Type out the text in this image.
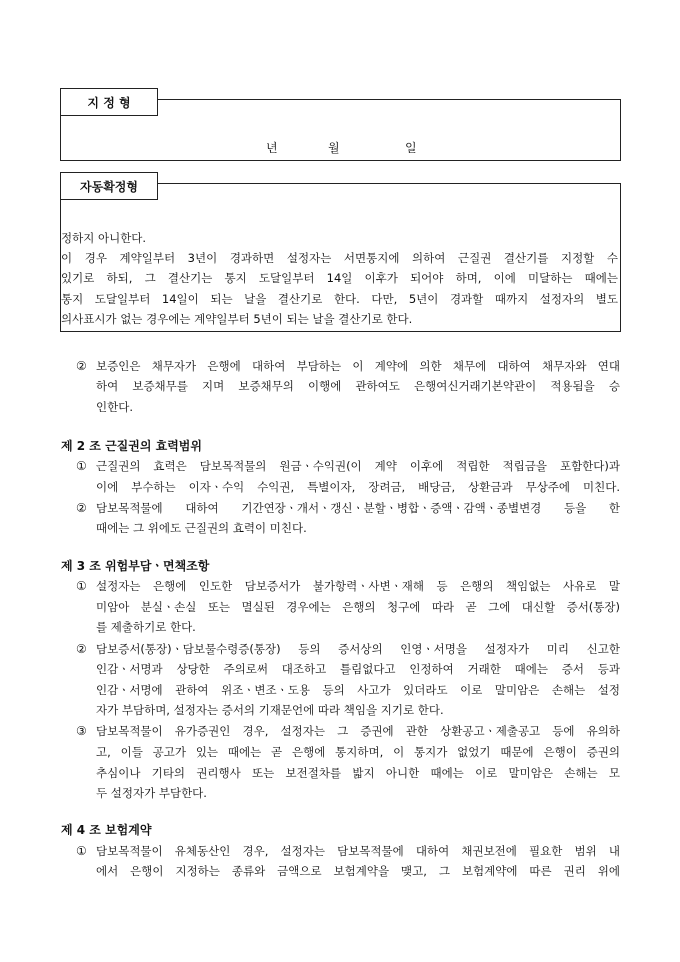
지 정 형
년	월	일
자동확정형
정하지 아니한다.
이 경우 계약일부터 3년이 경과하면 설정자는 서면통지에 의하여 근질권 결산기를 지정할 수
있기로 하되, 그 결산기는 통지 도달일부터 14일 이후가 되어야 하며, 이에 미달하는 때에는
통지 도달일부터 14일이 되는 날을 결산기로 한다. 다만, 5년이 경과할 때까지 설정자의 별도
의사표시가 없는 경우에는 계약일부터 5년이 되는 날을 결산기로 한다.
② 보증인은 채무자가 은행에 대하여 부담하는 이 계약에 의한 채무에 대하여 채무자와 연대
하여 보증채무를 지며 보증채무의 이행에 관하여도 은행여신거래기본약관이 적용됨을 승
인한다.
제 2 조 근질권의 효력범위
① 근질권의 효력은 담보목적물의 원금ㆍ수익권(이 계약 이후에 적립한 적립금을 포함한다)과
이에 부수하는 이자ㆍ수익 수익권, 특별이자, 장려금, 배당금, 상환금과 무상주에 미친다.
② 담보목적물에 대하여 기간연장ㆍ개서ㆍ갱신ㆍ분할ㆍ병합ㆍ증액ㆍ감액ㆍ종별변경 등을 한
때에는 그 위에도 근질권의 효력이 미친다.
제 3 조 위험부담ㆍ면책조항
① 설정자는 은행에 인도한 담보증서가 불가항력ㆍ사변ㆍ재해 등 은행의 책임없는 사유로 말
미암아 분실ㆍ손실 또는 멸실된 경우에는 은행의 청구에 따라 곧 그에 대신할 증서(통장)
를 제출하기로 한다.
② 담보증서(통장)ㆍ담보물수령증(통장) 등의 증서상의 인영ㆍ서명을 설정자가 미리 신고한
인감ㆍ서명과 상당한 주의로써 대조하고 틀림없다고 인정하여 거래한 때에는 증서 등과
인감ㆍ서명에 관하여 위조ㆍ변조ㆍ도용 등의 사고가 있더라도 이로 말미암은 손해는 설정
자가 부담하며, 설정자는 증서의 기재문언에 따라 책임을 지기로 한다.
③ 담보목적물이 유가증권인 경우, 설정자는 그 증권에 관한 상환공고ㆍ제출공고 등에 유의하
고, 이들 공고가 있는 때에는 곧 은행에 통지하며, 이 통지가 없었기 때문에 은행이 증권의
추심이나 기타의 권리행사 또는 보전절차를 밟지 아니한 때에는 이로 말미암은 손해는 모
두 설정자가 부담한다.
제 4 조 보험계약
① 담보목적물이 유체동산인 경우, 설정자는 담보목적물에 대하여 채권보전에 필요한 범위 내
에서 은행이 지정하는 종류와 금액으로 보험계약을 맺고, 그 보험계약에 따른 권리 위에
